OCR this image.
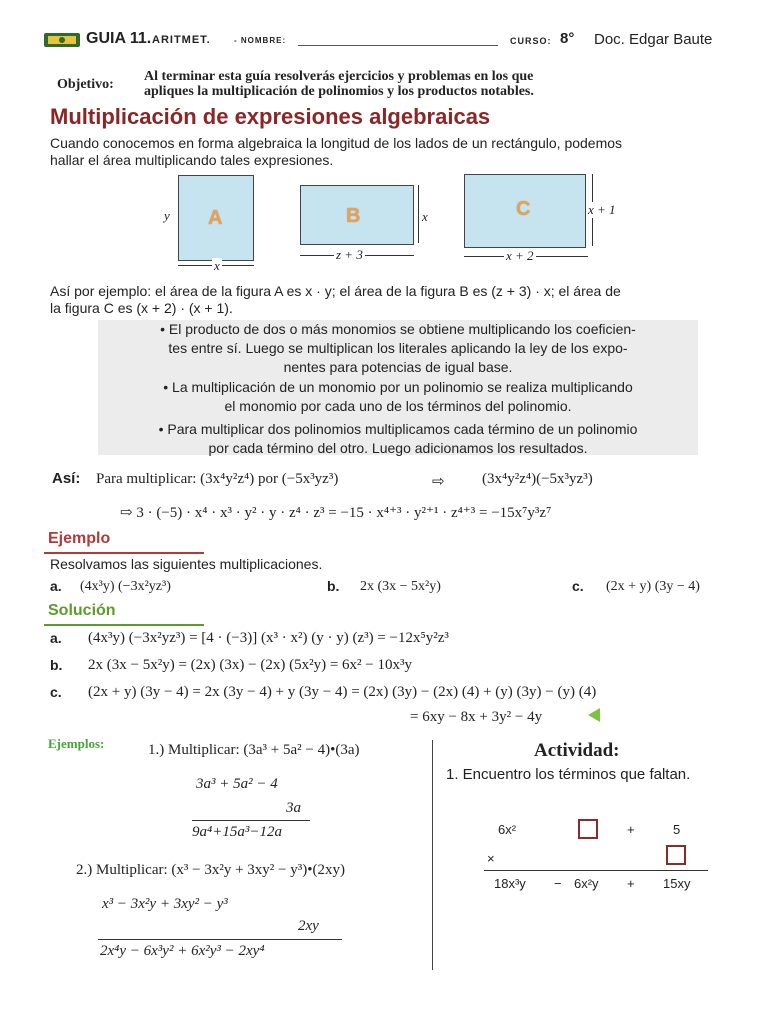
GUIA 11. ARITMET.	- NOMBRE:	CURSO: 8° Doc. Edgar Baute
Objetivo:
Al terminar esta guía resolverás ejercicios y problemas en los que
apliques la multiplicación de polinomios y los productos notables.
Multiplicación de expresiones algebraicas

Cuando conocemos en forma algebraica la longitud de los lados de un rectángulo, podemos

hallar el área multiplicando tales expresiones.

A
y
x
B	x
z + 3
C	x + 1
x + 2

Así por ejemplo: el área de la figura A es x · y; el área de la figura B es (z + 3) · x; el área de

la figura C es (x + 2) · (x + 1).

• El producto de dos o más monomios se obtiene multiplicando los coeficien-
tes entre sí. Luego se multiplican los literales aplicando la ley de los expo-
nentes para potencias de igual base.
• La multiplicación de un monomio por un polinomio se realiza multiplicando
el monomio por cada uno de los términos del polinomio.
• Para multiplicar dos polinomios multiplicamos cada término de un polinomio
por cada término del otro. Luego adicionamos los resultados.
Así: Para multiplicar: (3x⁴y²z⁴) por (−5x³yz³)	⇨ (3x⁴y²z⁴)(−5x³yz³)
⇨ 3 · (−5) · x⁴ · x³ · y² · y · z⁴ · z³ = −15 · x⁴⁺³ · y²⁺¹ · z⁴⁺³ = −15x⁷y³z⁷
Ejemplo

Resolvamos las siguientes multiplicaciones.

a. (4x³y) (−3x²yz³)	b. 2x (3x − 5x²y)	c. (2x + y) (3y − 4)
Solución
a. (4x³y) (−3x²yz³) = [4 · (−3)] (x³ · x²) (y · y) (z³) = −12x⁵y²z³
b. 2x (3x − 5x²y) = (2x) (3x) − (2x) (5x²y) = 6x² − 10x³y
c. (2x + y) (3y − 4) = 2x (3y − 4) + y (3y − 4) = (2x) (3y) − (2x) (4) + (y) (3y) − (y) (4)
= 6xy − 8x + 3y² − 4y
Ejemplos:	1.) Multiplicar: (3a³ + 5a² − 4)•(3a)
3a³ + 5a² − 4
3a
9a⁴+15a³−12a
2.) Multiplicar: (x³ − 3x²y + 3xy² − y³)•(2xy)
x³ − 3x²y + 3xy² − y³
2xy
2x⁴y − 6x³y² + 6x²y³ − 2xy⁴
Actividad:
1. Encuentro los términos que faltan.
6x²	+	5
×
18x³y − 6x²y + 15xy
